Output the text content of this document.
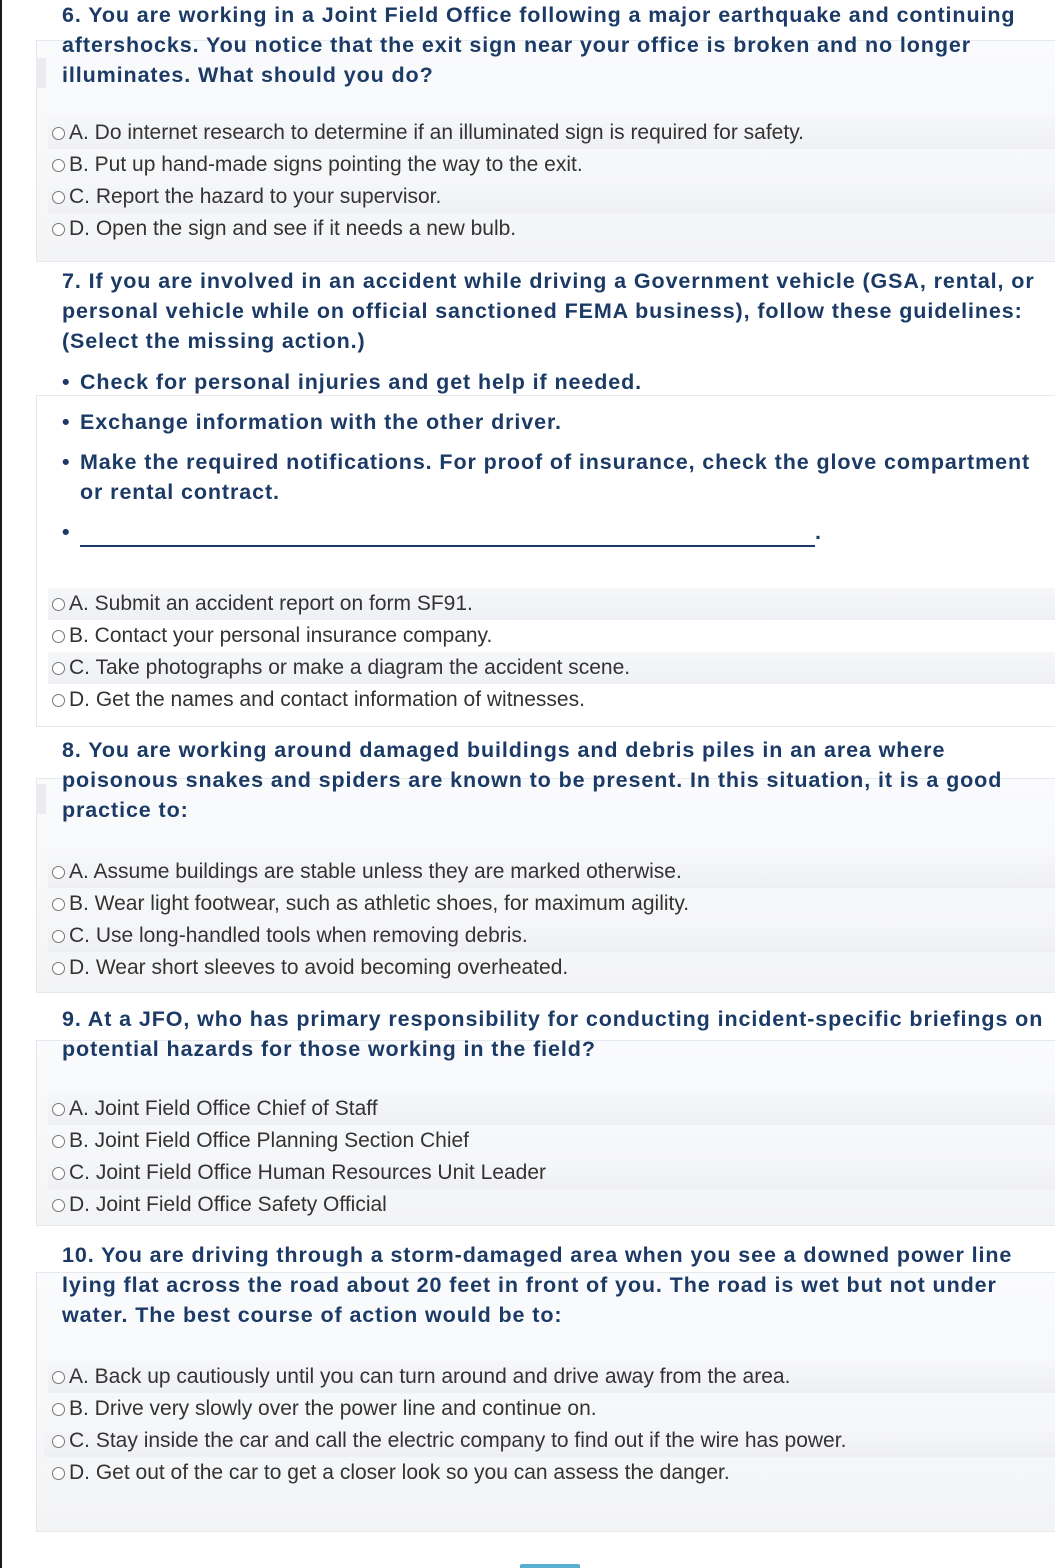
6. You are working in a Joint Field Office following a major earthquake and continuing aftershocks. You notice that the exit sign near your office is broken and no longer illuminates. What should you do?
A. Do internet research to determine if an illuminated sign is required for safety.
B. Put up hand-made signs pointing the way to the exit.
C. Report the hazard to your supervisor.
D. Open the sign and see if it needs a new bulb.
7. If you are involved in an accident while driving a Government vehicle (GSA, rental, or personal vehicle while on official sanctioned FEMA business), follow these guidelines: (Select the missing action.)
• Check for personal injuries and get help if needed.
• Exchange information with the other driver.
• Make the required notifications. For proof of insurance, check the glove compartment or rental contract.
• .
A. Submit an accident report on form SF91.
B. Contact your personal insurance company.
C. Take photographs or make a diagram the accident scene.
D. Get the names and contact information of witnesses.
8. You are working around damaged buildings and debris piles in an area where poisonous snakes and spiders are known to be present. In this situation, it is a good practice to:
A. Assume buildings are stable unless they are marked otherwise.
B. Wear light footwear, such as athletic shoes, for maximum agility.
C. Use long-handled tools when removing debris.
D. Wear short sleeves to avoid becoming overheated.
9. At a JFO, who has primary responsibility for conducting incident-specific briefings on potential hazards for those working in the field?
A. Joint Field Office Chief of Staff
B. Joint Field Office Planning Section Chief
C. Joint Field Office Human Resources Unit Leader
D. Joint Field Office Safety Official
10. You are driving through a storm-damaged area when you see a downed power line lying flat across the road about 20 feet in front of you. The road is wet but not under water. The best course of action would be to:
A. Back up cautiously until you can turn around and drive away from the area.
B. Drive very slowly over the power line and continue on.
C. Stay inside the car and call the electric company to find out if the wire has power.
D. Get out of the car to get a closer look so you can assess the danger.
